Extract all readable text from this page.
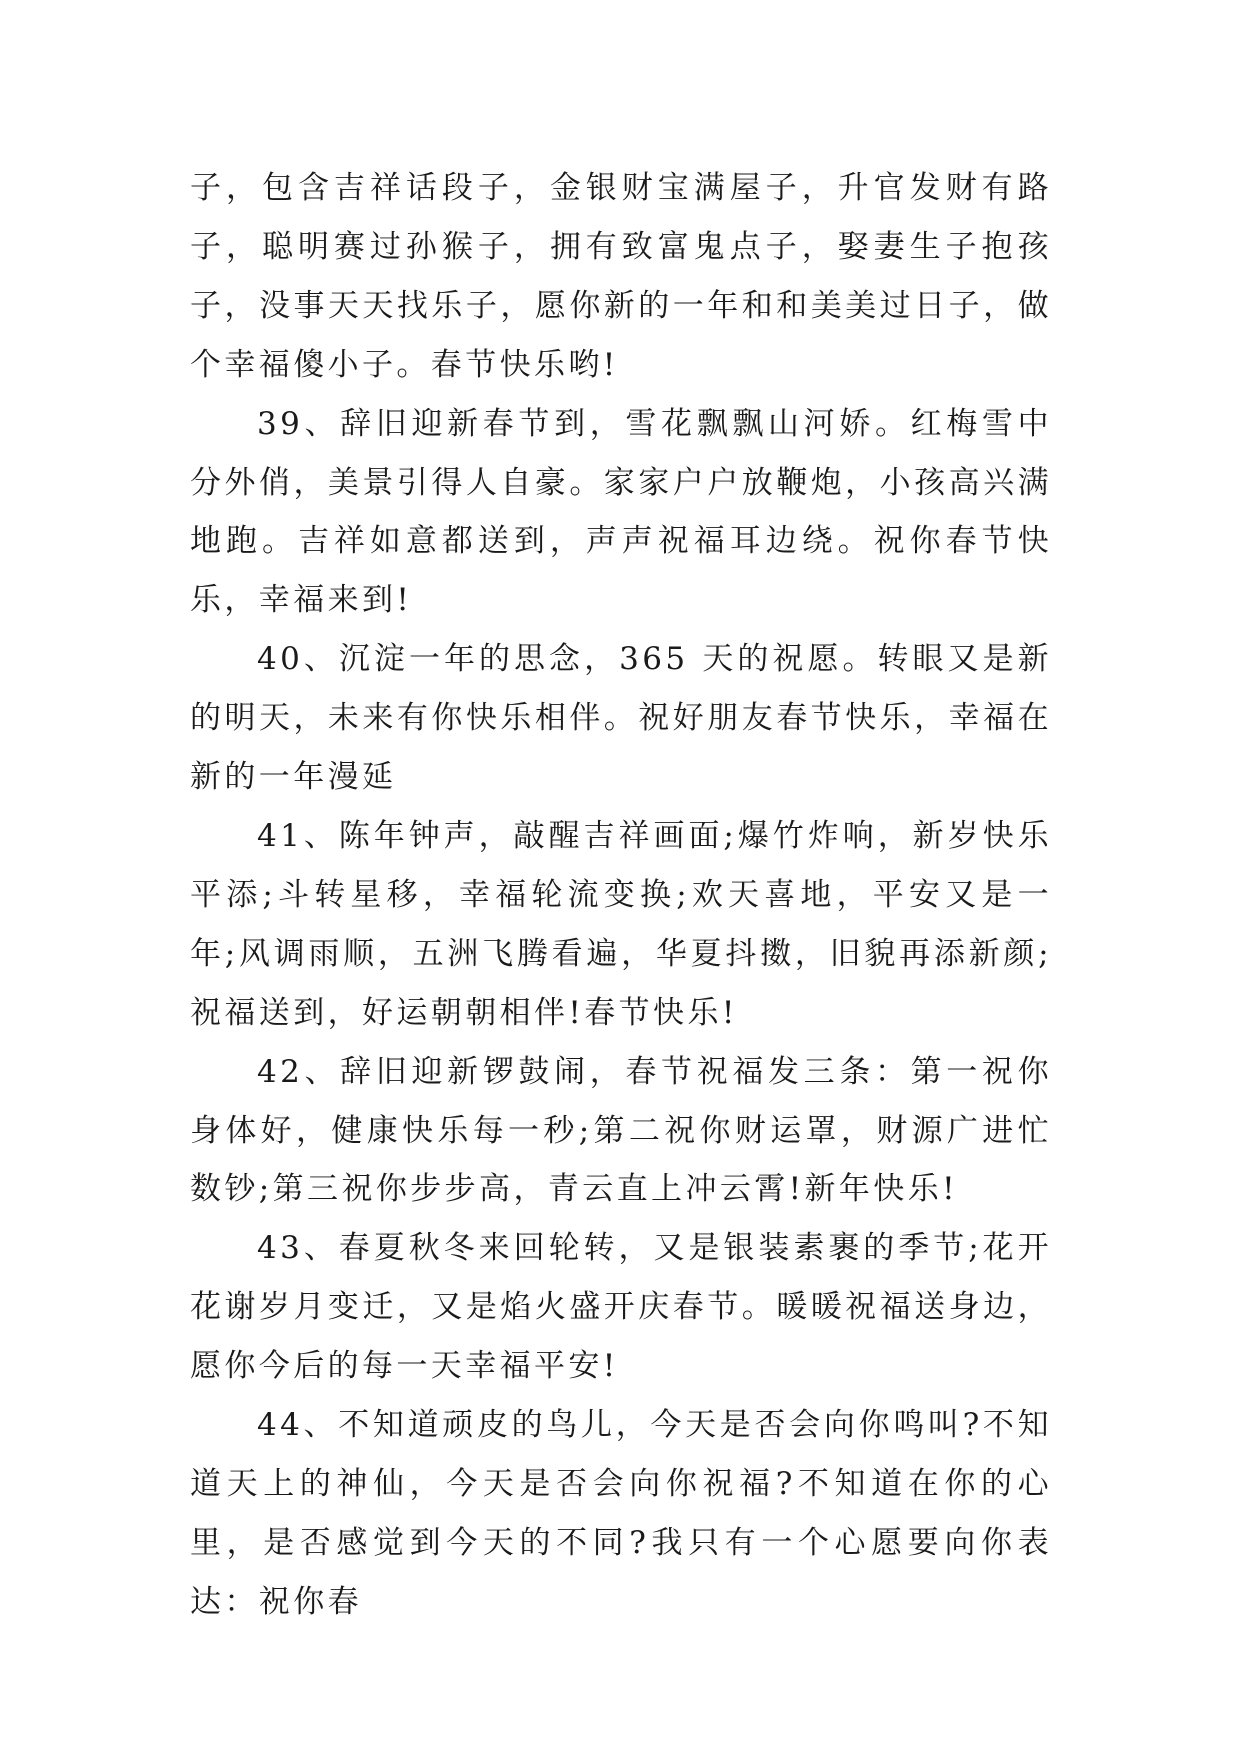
子，包含吉祥话段子，金银财宝满屋子，升官发财有路子，聪明赛过孙猴子，拥有致富鬼点子，娶妻生子抱孩子，没事天天找乐子，愿你新的一年和和美美过日子，做个幸福傻小子。春节快乐哟!

39、辞旧迎新春节到，雪花飘飘山河娇。红梅雪中分外俏，美景引得人自豪。家家户户放鞭炮，小孩高兴满地跑。吉祥如意都送到，声声祝福耳边绕。祝你春节快乐，幸福来到!

40、沉淀一年的思念，365 天的祝愿。转眼又是新的明天，未来有你快乐相伴。祝好朋友春节快乐，幸福在新的一年漫延

41、陈年钟声，敲醒吉祥画面;爆竹炸响，新岁快乐平添;斗转星移，幸福轮流变换;欢天喜地，平安又是一年;风调雨顺，五洲飞腾看遍，华夏抖擞，旧貌再添新颜;祝福送到，好运朝朝相伴!春节快乐!

42、辞旧迎新锣鼓闹，春节祝福发三条：第一祝你身体好，健康快乐每一秒;第二祝你财运罩，财源广进忙数钞;第三祝你步步高，青云直上冲云霄!新年快乐!

43、春夏秋冬来回轮转，又是银装素裹的季节;花开花谢岁月变迁，又是焰火盛开庆春节。暖暖祝福送身边，愿你今后的每一天幸福平安!

44、不知道顽皮的鸟儿，今天是否会向你鸣叫?不知道天上的神仙，今天是否会向你祝福?不知道在你的心里，是否感觉到今天的不同?我只有一个心愿要向你表达：祝你春
